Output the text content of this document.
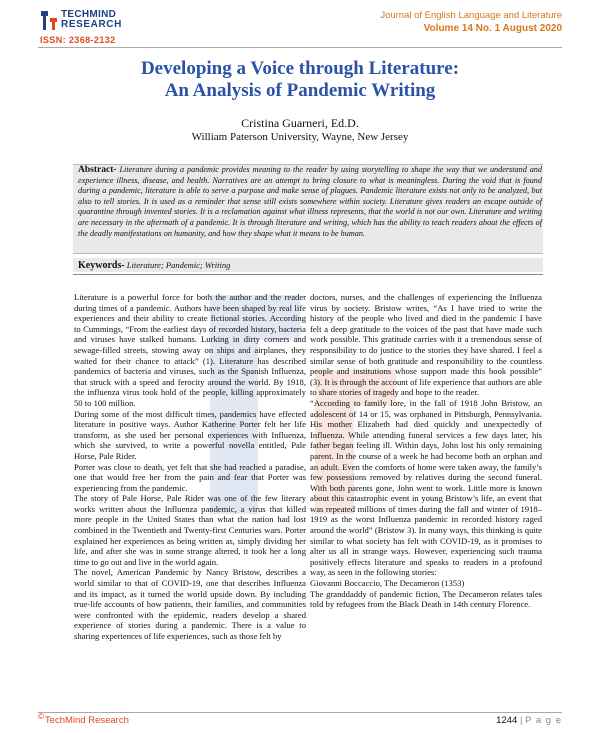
TECHMIND
RESEARCH
ISSN: 2368-2132
Journal of English Language and Literature
Volume 14 No. 1 August 2020
Developing a Voice through Literature:
An Analysis of Pandemic Writing
Cristina Guarneri, Ed.D.
William Paterson University, Wayne, New Jersey

Abstract- Literature during a pandemic provides meaning to the reader by using storytelling to shape the way that we understand and experience illness, disease, and health. Narratives are an attempt to bring closure to what is meaningless. During the void that is found during a pandemic, literature is able to serve a purpose and make sense of plagues. Pandemic literature exists not only to be analyzed, but also to tell stories. It is used as a reminder that sense still exists somewhere within society. Literature gives readers an escape outside of quarantine through invented stories. It is a reclamation against what illness represents, that the world is not our own. Literature and writing are necessary in the aftermath of a pandemic. It is through literature and writing, which has the ability to teach readers about the effects of the deadly manifestations on humanity, and how they shape what it means to be human.

Keywords- Literature; Pandemic; Writing

Literature is a powerful force for both the author and the reader during times of a pandemic. Authors have been shaped by real life experiences and their ability to create fictional stories. According to Cummings, “From the earliest days of recorded history, bacteria and viruses have stalked humans. Lurking in dirty corners and sewage-filled streets, stowing away on ships and airplanes, they waited for their chance to attack” (1). Literature has described pandemics of bacteria and viruses, such as the Spanish Influenza, that struck with a speed and ferocity around the world. By 1918, the influenza virus took hold of the people, killing approximately 50 to 100 million.

During some of the most difficult times, pandemics have effected literature in positive ways. Author Katherine Porter felt her life transform, as she used her personal experiences with Influenza, which she survived, to write a powerful novella entitled, Pale Horse, Pale Rider.

Porter was close to death, yet felt that she had reached a paradise, one that would free her from the pain and fear that Porter was experiencing from the pandemic.

The story of Pale Horse, Pale Rider was one of the few literary works written about the Influenza pandemic, a virus that killed more people in the United States than what the nation had lost combined in the Twentieth and Twenty-first Centuries wars. Porter explained her experiences as being written as, simply dividing her life, and after she was in some strange altered, it took her a long time to go out and live in the world again.

The novel, American Pandemic by Nancy Bristow, describes a world similar to that of COVID-19, one that describes Influenza and its impact, as it turned the world upside down. By including true-life accounts of how patients, their families, and communities were confronted with the epidemic, readers develop a shared experience of stories during a pandemic. There is a value to sharing experiences of life experiences, such as those felt by

doctors, nurses, and the challenges of experiencing the Influenza virus by society. Bristow writes, “As I have tried to write the history of the people who lived and died in the pandemic I have felt a deep gratitude to the voices of the past that have made such work possible. This gratitude carries with it a tremendous sense of responsibility to do justice to the stories they have shared. I feel a similar sense of both gratitude and responsibility to the countless people and institutions whose support made this book possible” (3). It is through the account of life experience that authors are able to share stories of tragedy and hope to the reader.

“According to family lore, in the fall of 1918 John Bristow, an adolescent of 14 or 15, was orphaned in Pittsburgh, Pennsylvania. His mother Elizabeth had died quickly and unexpectedly of Influenza. While attending funeral services a few days later, his father began feeling ill. Within days, John lost his only remaining parent. In the course of a week he had become both an orphan and an adult. Even the comforts of home were taken away, the family’s few possessions removed by relatives during the second funeral. With both parents gone, John went to work. Little more is known about this catastrophic event in young Bristow’s life, an event that was repeated millions of times during the fall and winter of 1918–1919 as the worst Influenza pandemic in recorded history raged around the world” (Bristow 3). In many ways, this thinking is quite similar to what society has felt with COVID-19, as it promises to alter us all in strange ways. However, experiencing such trauma positively effects literature and speaks to readers in a profound way, as seen in the following stories:

Giovanni Boccaccio, The Decameron (1353)

The granddaddy of pandemic fiction, The Decameron relates tales told by refugees from the Black Death in 14th century Florence.

©TechMind Research	1244 | P a g e
